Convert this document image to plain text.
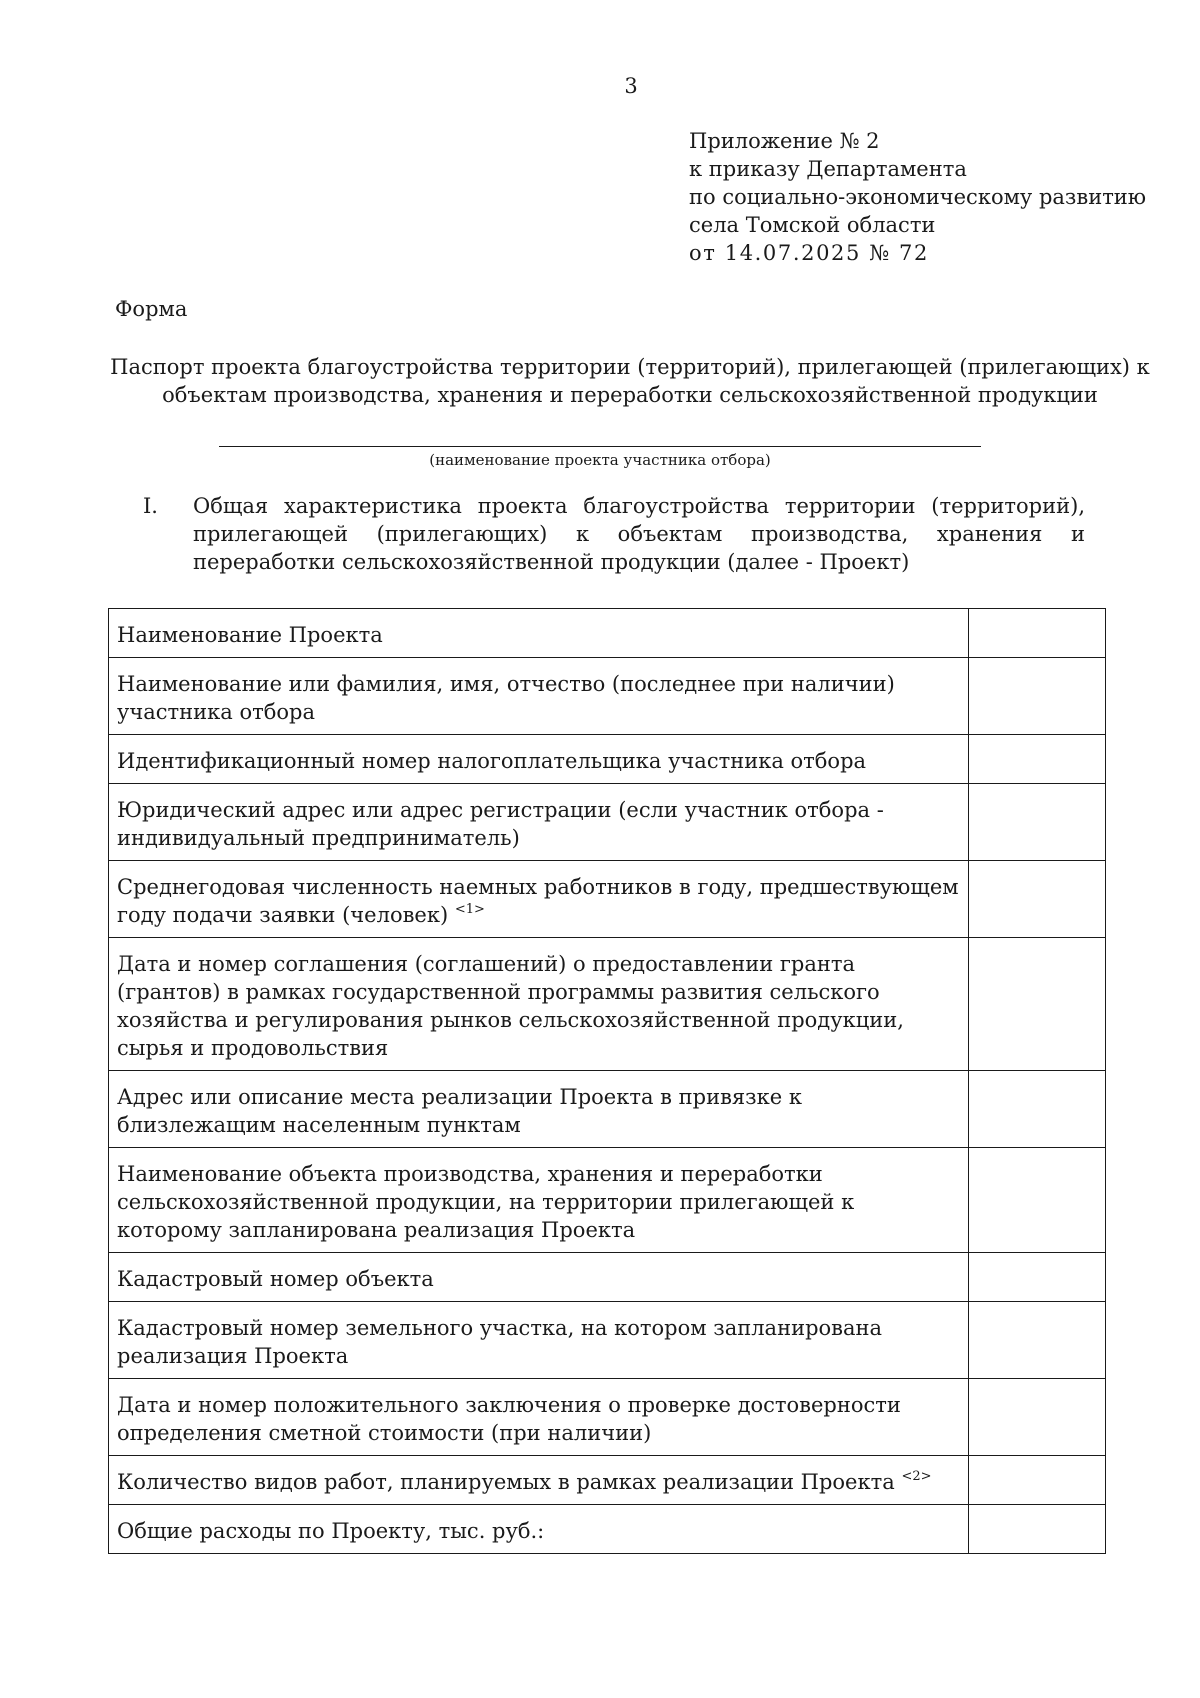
3
Приложение № 2
к приказу Департамента
по социально-экономическому развитию
села Томской области
от 14.07.2025 № 72
Форма
Паспорт проекта благоустройства территории (территорий), прилегающей (прилегающих) к объектам производства, хранения и переработки сельскохозяйственной продукции
(наименование проекта участника отбора)
I. Общая характеристика проекта благоустройства территории (территорий), прилегающей (прилегающих) к объектам производства, хранения и переработки сельскохозяйственной продукции (далее - Проект)
Наименование Проекта	
Наименование или фамилия, имя, отчество (последнее при наличии) участника отбора	
Идентификационный номер налогоплательщика участника отбора	
Юридический адрес или адрес регистрации (если участник отбора - индивидуальный предприниматель)	
Среднегодовая численность наемных работников в году, предшествующем году подачи заявки (человек) $^{<1>}$	
Дата и номер соглашения (соглашений) о предоставлении гранта (грантов) в рамках государственной программы развития сельского хозяйства и регулирования рынков сельскохозяйственной продукции, сырья и продовольствия	
Адрес или описание места реализации Проекта в привязке к близлежащим населенным пунктам	
Наименование объекта производства, хранения и переработки сельскохозяйственной продукции, на территории прилегающей к которому запланирована реализация Проекта	
Кадастровый номер объекта	
Кадастровый номер земельного участка, на котором запланирована реализация Проекта	
Дата и номер положительного заключения о проверке достоверности определения сметной стоимости (при наличии)	
Количество видов работ, планируемых в рамках реализации Проекта $^{<2>}$	
Общие расходы по Проекту, тыс. руб.:	
